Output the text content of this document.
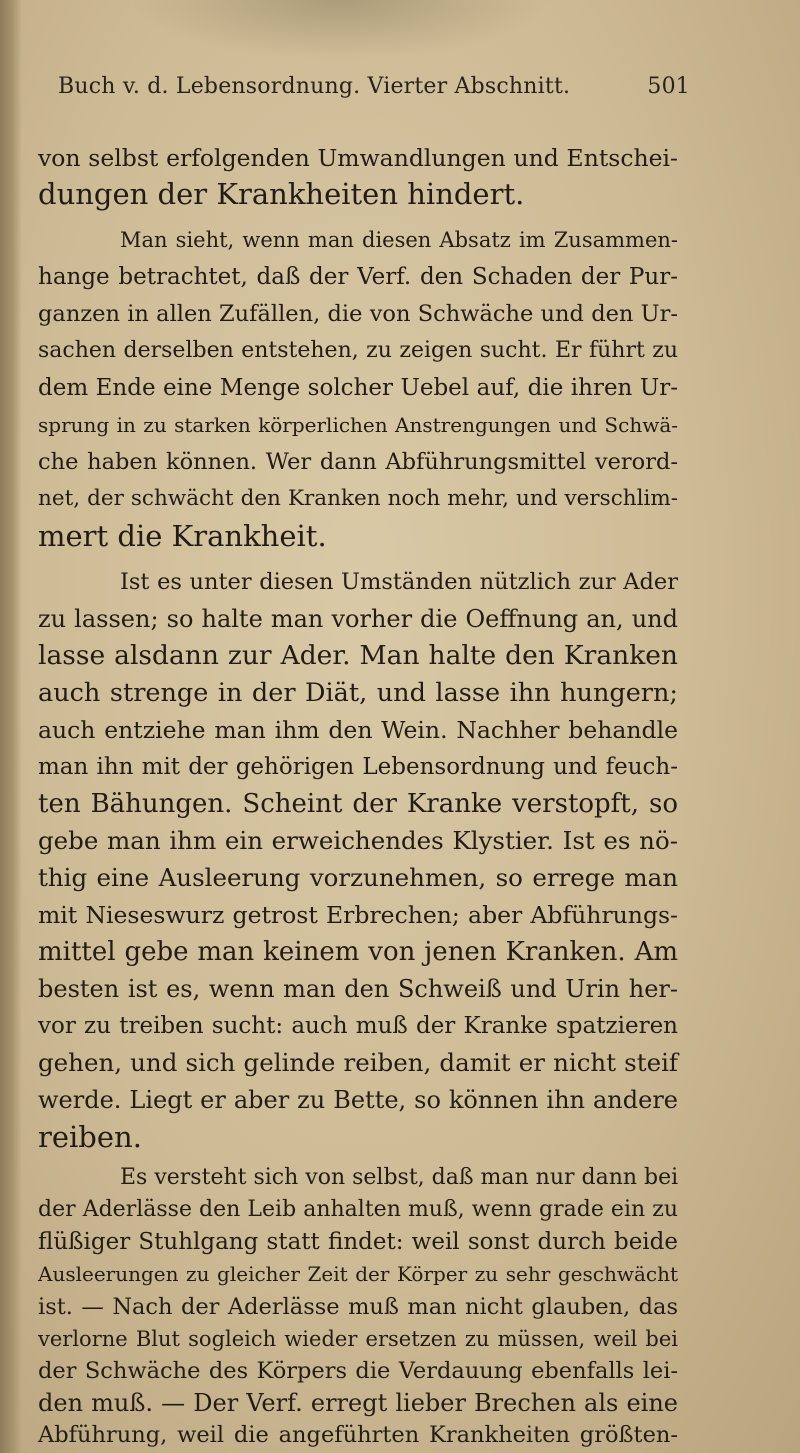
Buch v. d. Lebensordnung. Vierter Abschnitt.	501
von selbst erfolgenden Umwandlungen und Entschei-
dungen der Krankheiten hindert.
Man sieht, wenn man diesen Absatz im Zusammen-
hange betrachtet, daß der Verf. den Schaden der Pur-
ganzen in allen Zufällen, die von Schwäche und den Ur-
sachen derselben entstehen, zu zeigen sucht. Er führt zu
dem Ende eine Menge solcher Uebel auf, die ihren Ur-
sprung in zu starken körperlichen Anstrengungen und Schwä-
che haben können. Wer dann Abführungsmittel verord-
net, der schwächt den Kranken noch mehr, und verschlim-
mert die Krankheit.
Ist es unter diesen Umständen nützlich zur Ader
zu lassen; so halte man vorher die Oeffnung an, und
lasse alsdann zur Ader. Man halte den Kranken
auch strenge in der Diät, und lasse ihn hungern;
auch entziehe man ihm den Wein. Nachher behandle
man ihn mit der gehörigen Lebensordnung und feuch-
ten Bähungen. Scheint der Kranke verstopft, so
gebe man ihm ein erweichendes Klystier. Ist es nö-
thig eine Ausleerung vorzunehmen, so errege man
mit Nieseswurz getrost Erbrechen; aber Abführungs-
mittel gebe man keinem von jenen Kranken. Am
besten ist es, wenn man den Schweiß und Urin her-
vor zu treiben sucht: auch muß der Kranke spatzieren
gehen, und sich gelinde reiben, damit er nicht steif
werde. Liegt er aber zu Bette, so können ihn andere
reiben.
Es versteht sich von selbst, daß man nur dann bei
der Aderlässe den Leib anhalten muß, wenn grade ein zu
flüßiger Stuhlgang statt findet: weil sonst durch beide
Ausleerungen zu gleicher Zeit der Körper zu sehr geschwächt
ist. — Nach der Aderlässe muß man nicht glauben, das
verlorne Blut sogleich wieder ersetzen zu müssen, weil bei
der Schwäche des Körpers die Verdauung ebenfalls lei-
den muß. — Der Verf. erregt lieber Brechen als eine
Abführung, weil die angeführten Krankheiten größten-
